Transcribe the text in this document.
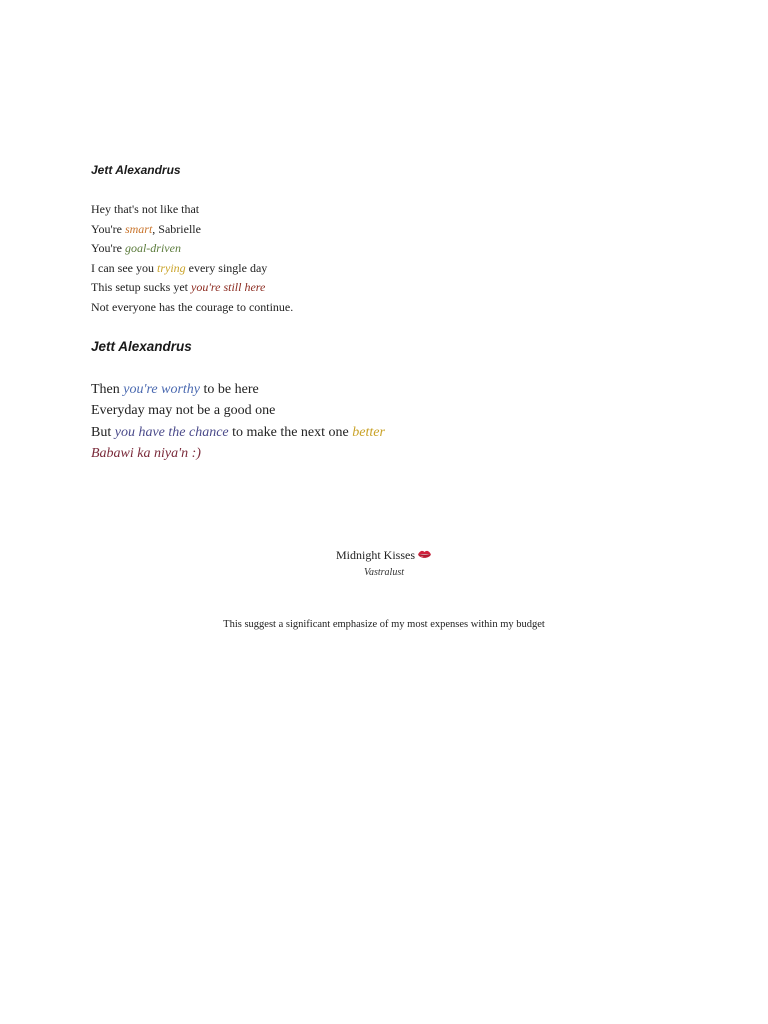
Jett Alexandrus
Hey that's not like that
You're smart, Sabrielle
You're goal-driven
I can see you trying every single day
This setup sucks yet you're still here
Not everyone has the courage to continue.
Jett Alexandrus
Then you're worthy to be here
Everyday may not be a good one
But you have the chance to make the next one better
Babawi ka niya'n :)
Midnight Kisses
Vastralust
This suggest a significant emphasize of my most expenses within my budget
